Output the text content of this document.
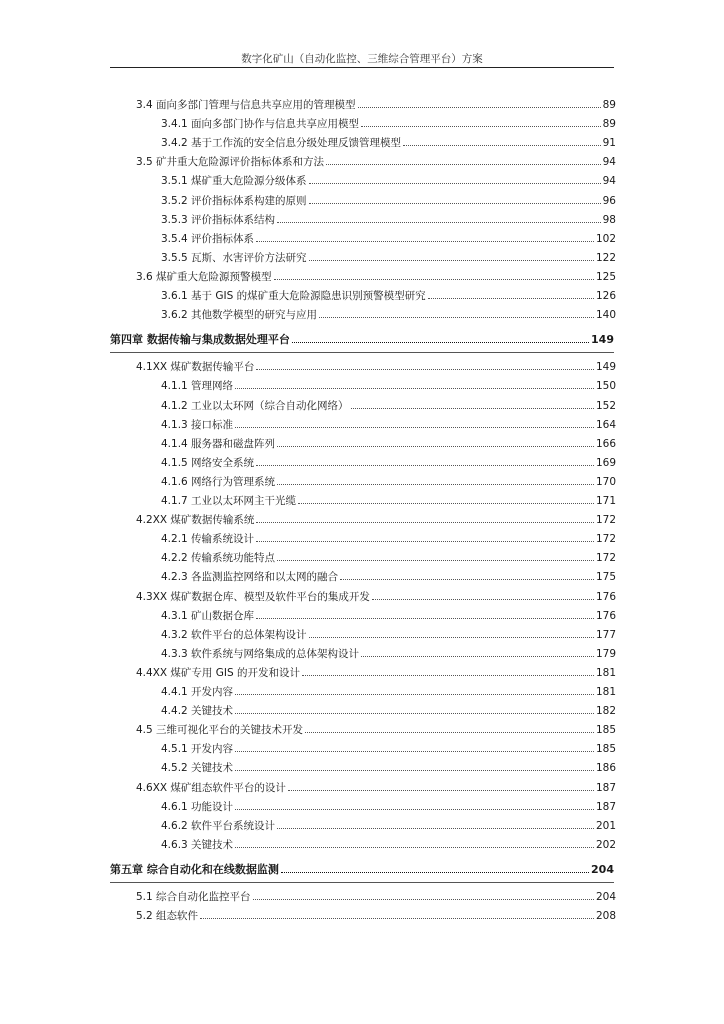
数字化矿山（自动化监控、三维综合管理平台）方案
3.4 面向多部门管理与信息共享应用的管理模型	89
3.4.1 面向多部门协作与信息共享应用模型	89
3.4.2 基于工作流的安全信息分级处理反馈管理模型	91
3.5 矿井重大危险源评价指标体系和方法	94
3.5.1 煤矿重大危险源分级体系	94
3.5.2 评价指标体系构建的原则	96
3.5.3 评价指标体系结构	98
3.5.4 评价指标体系	102
3.5.5 瓦斯、水害评价方法研究	122
3.6 煤矿重大危险源预警模型	125
3.6.1 基于 GIS 的煤矿重大危险源隐患识别预警模型研究	126
3.6.2 其他数学模型的研究与应用	140
第四章 数据传输与集成数据处理平台	149
4.1XX 煤矿数据传输平台	149
4.1.1 管理网络	150
4.1.2 工业以太环网（综合自动化网络）	152
4.1.3 接口标准	164
4.1.4 服务器和磁盘阵列	166
4.1.5 网络安全系统	169
4.1.6 网络行为管理系统	170
4.1.7 工业以太环网主干光缆	171
4.2XX 煤矿数据传输系统	172
4.2.1 传输系统设计	172
4.2.2 传输系统功能特点	172
4.2.3 各监测监控网络和以太网的融合	175
4.3XX 煤矿数据仓库、模型及软件平台的集成开发	176
4.3.1 矿山数据仓库	176
4.3.2 软件平台的总体架构设计	177
4.3.3 软件系统与网络集成的总体架构设计	179
4.4XX 煤矿专用 GIS 的开发和设计	181
4.4.1 开发内容	181
4.4.2 关键技术	182
4.5 三维可视化平台的关键技术开发	185
4.5.1 开发内容	185
4.5.2 关键技术	186
4.6XX 煤矿组态软件平台的设计	187
4.6.1 功能设计	187
4.6.2 软件平台系统设计	201
4.6.3 关键技术	202
第五章 综合自动化和在线数据监测	204
5.1 综合自动化监控平台	204
5.2 组态软件	208
